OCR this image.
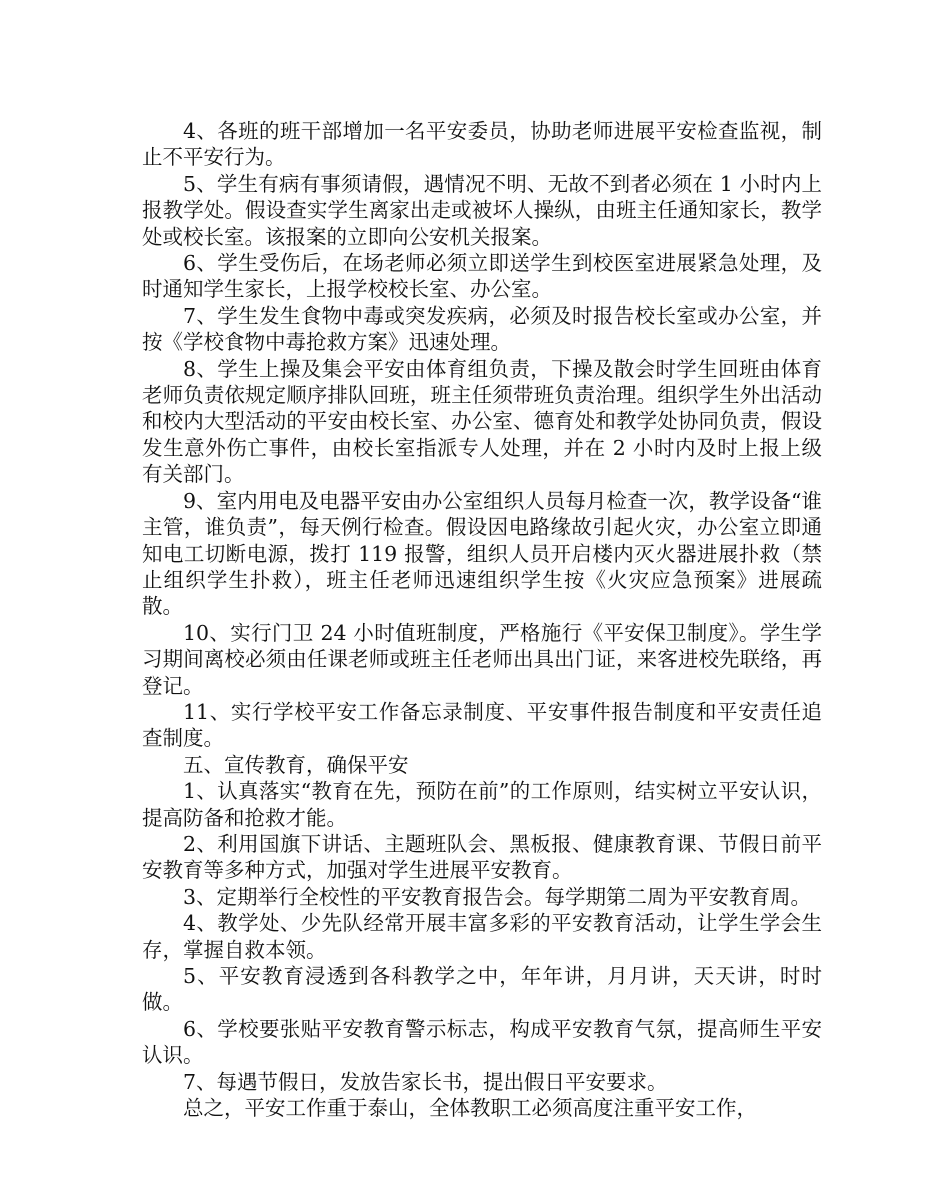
4、各班的班干部增加一名平安委员，协助老师进展平安检查监视，制止不平安行为。

5、学生有病有事须请假，遇情况不明、无故不到者必须在 1 小时内上报教学处。假设查实学生离家出走或被坏人操纵，由班主任通知家长，教学处或校长室。该报案的立即向公安机关报案。

6、学生受伤后，在场老师必须立即送学生到校医室进展紧急处理，及时通知学生家长，上报学校校长室、办公室。

7、学生发生食物中毒或突发疾病，必须及时报告校长室或办公室，并按《学校食物中毒抢救方案》迅速处理。

8、学生上操及集会平安由体育组负责，下操及散会时学生回班由体育老师负责依规定顺序排队回班，班主任须带班负责治理。组织学生外出活动和校内大型活动的平安由校长室、办公室、德育处和教学处协同负责，假设发生意外伤亡事件，由校长室指派专人处理，并在 2 小时内及时上报上级有关部门。

9、室内用电及电器平安由办公室组织人员每月检查一次，教学设备“谁主管，谁负责”，每天例行检查。假设因电路缘故引起火灾，办公室立即通知电工切断电源，拨打 119 报警，组织人员开启楼内灭火器进展扑救（禁止组织学生扑救），班主任老师迅速组织学生按《火灾应急预案》进展疏散。

10、实行门卫 24 小时值班制度，严格施行《平安保卫制度》。学生学习期间离校必须由任课老师或班主任老师出具出门证，来客进校先联络，再登记。

11、实行学校平安工作备忘录制度、平安事件报告制度和平安责任追查制度。

五、宣传教育，确保平安

1、认真落实“教育在先，预防在前”的工作原则，结实树立平安认识，提高防备和抢救才能。

2、利用国旗下讲话、主题班队会、黑板报、健康教育课、节假日前平安教育等多种方式，加强对学生进展平安教育。

3、定期举行全校性的平安教育报告会。每学期第二周为平安教育周。

4、教学处、少先队经常开展丰富多彩的平安教育活动，让学生学会生存，掌握自救本领。

5、平安教育浸透到各科教学之中，年年讲，月月讲，天天讲，时时做。

6、学校要张贴平安教育警示标志，构成平安教育气氛，提高师生平安认识。

7、每遇节假日，发放告家长书，提出假日平安要求。

总之，平安工作重于泰山，全体教职工必须高度注重平安工作，
